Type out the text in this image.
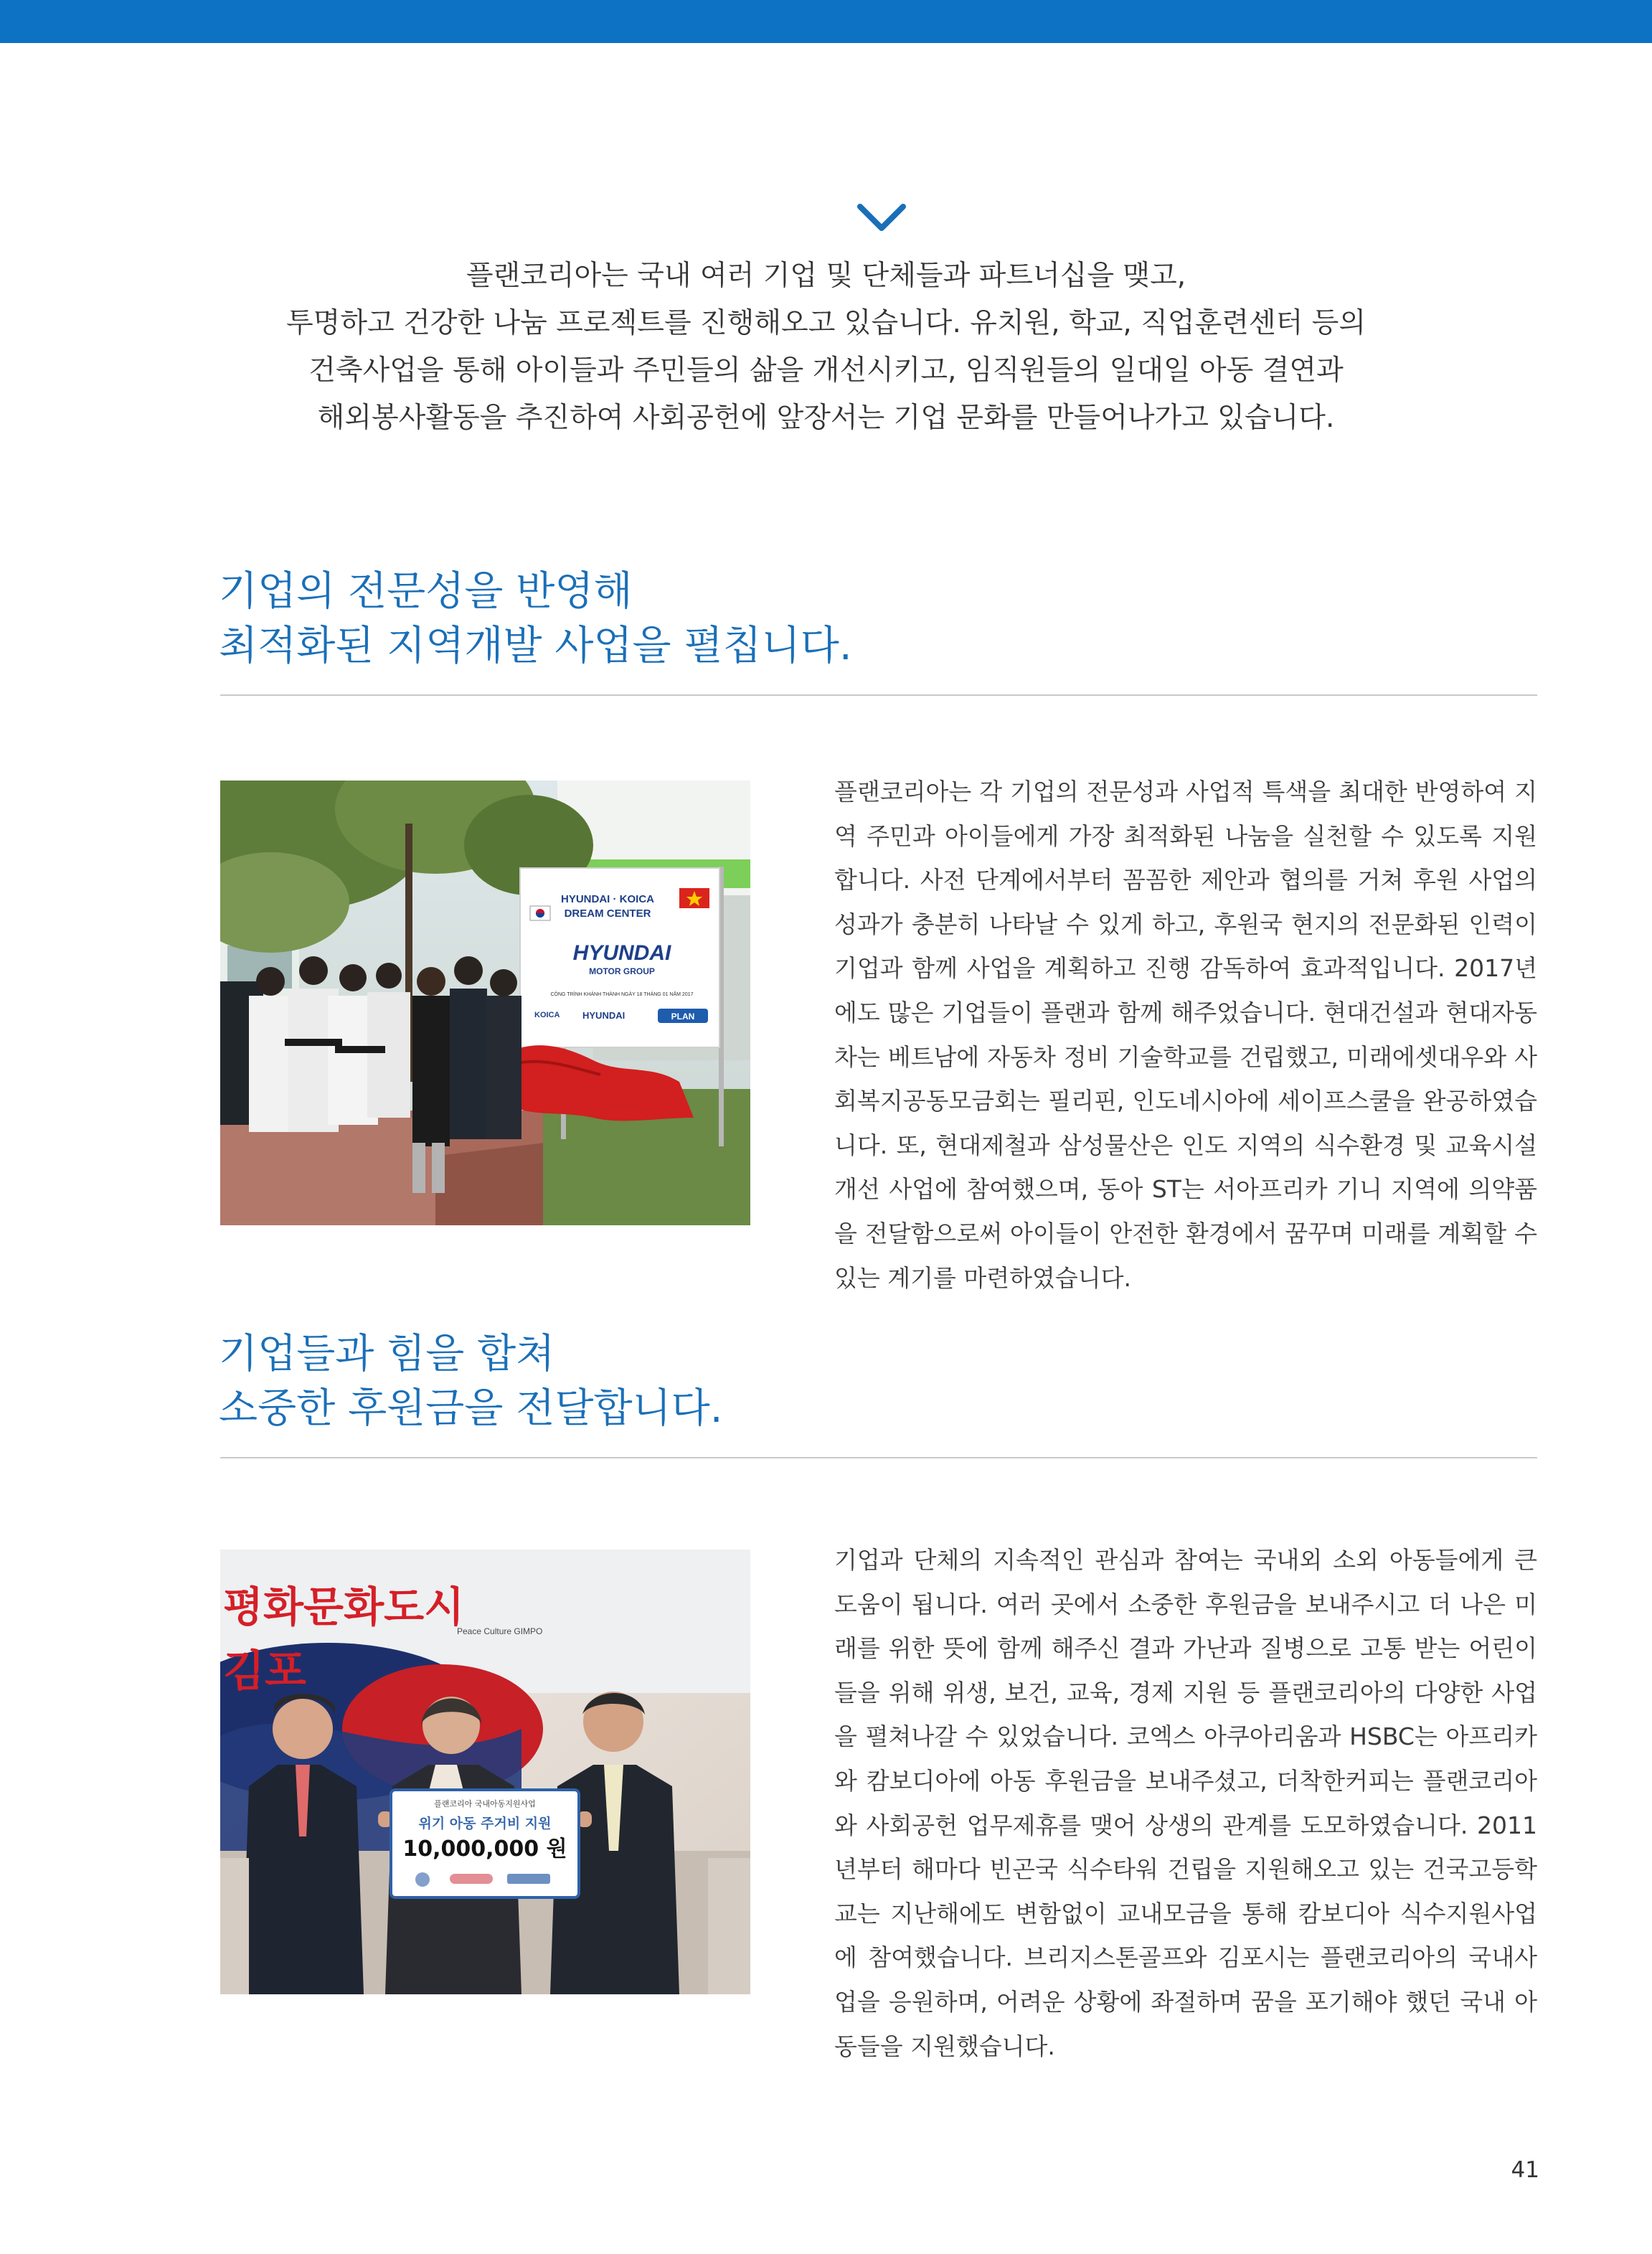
플랜코리아는 국내 여러 기업 및 단체들과 파트너십을 맺고,
투명하고 건강한 나눔 프로젝트를 진행해오고 있습니다. 유치원, 학교, 직업훈련센터 등의
건축사업을 통해 아이들과 주민들의 삶을 개선시키고, 임직원들의 일대일 아동 결연과
해외봉사활동을 추진하여 사회공헌에 앞장서는 기업 문화를 만들어나가고 있습니다.
기업의 전문성을 반영해
최적화된 지역개발 사업을 펼칩니다.
HYUNDAI · KOICA
DREAM CENTER
HYUNDAI
MOTOR GROUP
CÔNG TRÌNH KHÁNH THÀNH NGÀY 18 THÁNG 01 NĂM 2017
KOICA HYUNDAI	PLAN

플랜코리아는 각 기업의 전문성과 사업적 특색을 최대한 반영하여 지역 주민과 아이들에게 가장 최적화된 나눔을 실천할 수 있도록 지원합니다. 사전 단계에서부터 꼼꼼한 제안과 협의를 거쳐 후원 사업의 성과가 충분히 나타날 수 있게 하고, 후원국 현지의 전문화된 인력이 기업과 함께 사업을 계획하고 진행 감독하여 효과적입니다. 2017년에도 많은 기업들이 플랜과 함께 해주었습니다. 현대건설과 현대자동차는 베트남에 자동차 정비 기술학교를 건립했고, 미래에셋대우와 사회복지공동모금회는 필리핀, 인도네시아에 세이프스쿨을 완공하였습니다. 또, 현대제철과 삼성물산은 인도 지역의 식수환경 및 교육시설 개선 사업에 참여했으며, 동아 ST는 서아프리카 기니 지역에 의약품을 전달함으로써 아이들이 안전한 환경에서 꿈꾸며 미래를 계획할 수 있는 계기를 마련하였습니다.

기업들과 힘을 합쳐
소중한 후원금을 전달합니다.
평화문화도시
Peace Culture GIMPO
김포
플랜코리아 국내아동지원사업
위기 아동 주거비 지원
10,000,000 원

기업과 단체의 지속적인 관심과 참여는 국내외 소외 아동들에게 큰 도움이 됩니다. 여러 곳에서 소중한 후원금을 보내주시고 더 나은 미래를 위한 뜻에 함께 해주신 결과 가난과 질병으로 고통 받는 어린이들을 위해 위생, 보건, 교육, 경제 지원 등 플랜코리아의 다양한 사업을 펼쳐나갈 수 있었습니다. 코엑스 아쿠아리움과 HSBC는 아프리카와 캄보디아에 아동 후원금을 보내주셨고, 더착한커피는 플랜코리아와 사회공헌 업무제휴를 맺어 상생의 관계를 도모하였습니다. 2011년부터 해마다 빈곤국 식수타워 건립을 지원해오고 있는 건국고등학교는 지난해에도 변함없이 교내모금을 통해 캄보디아 식수지원사업에 참여했습니다. 브리지스톤골프와 김포시는 플랜코리아의 국내사업을 응원하며, 어려운 상황에 좌절하며 꿈을 포기해야 했던 국내 아동들을 지원했습니다.

41
